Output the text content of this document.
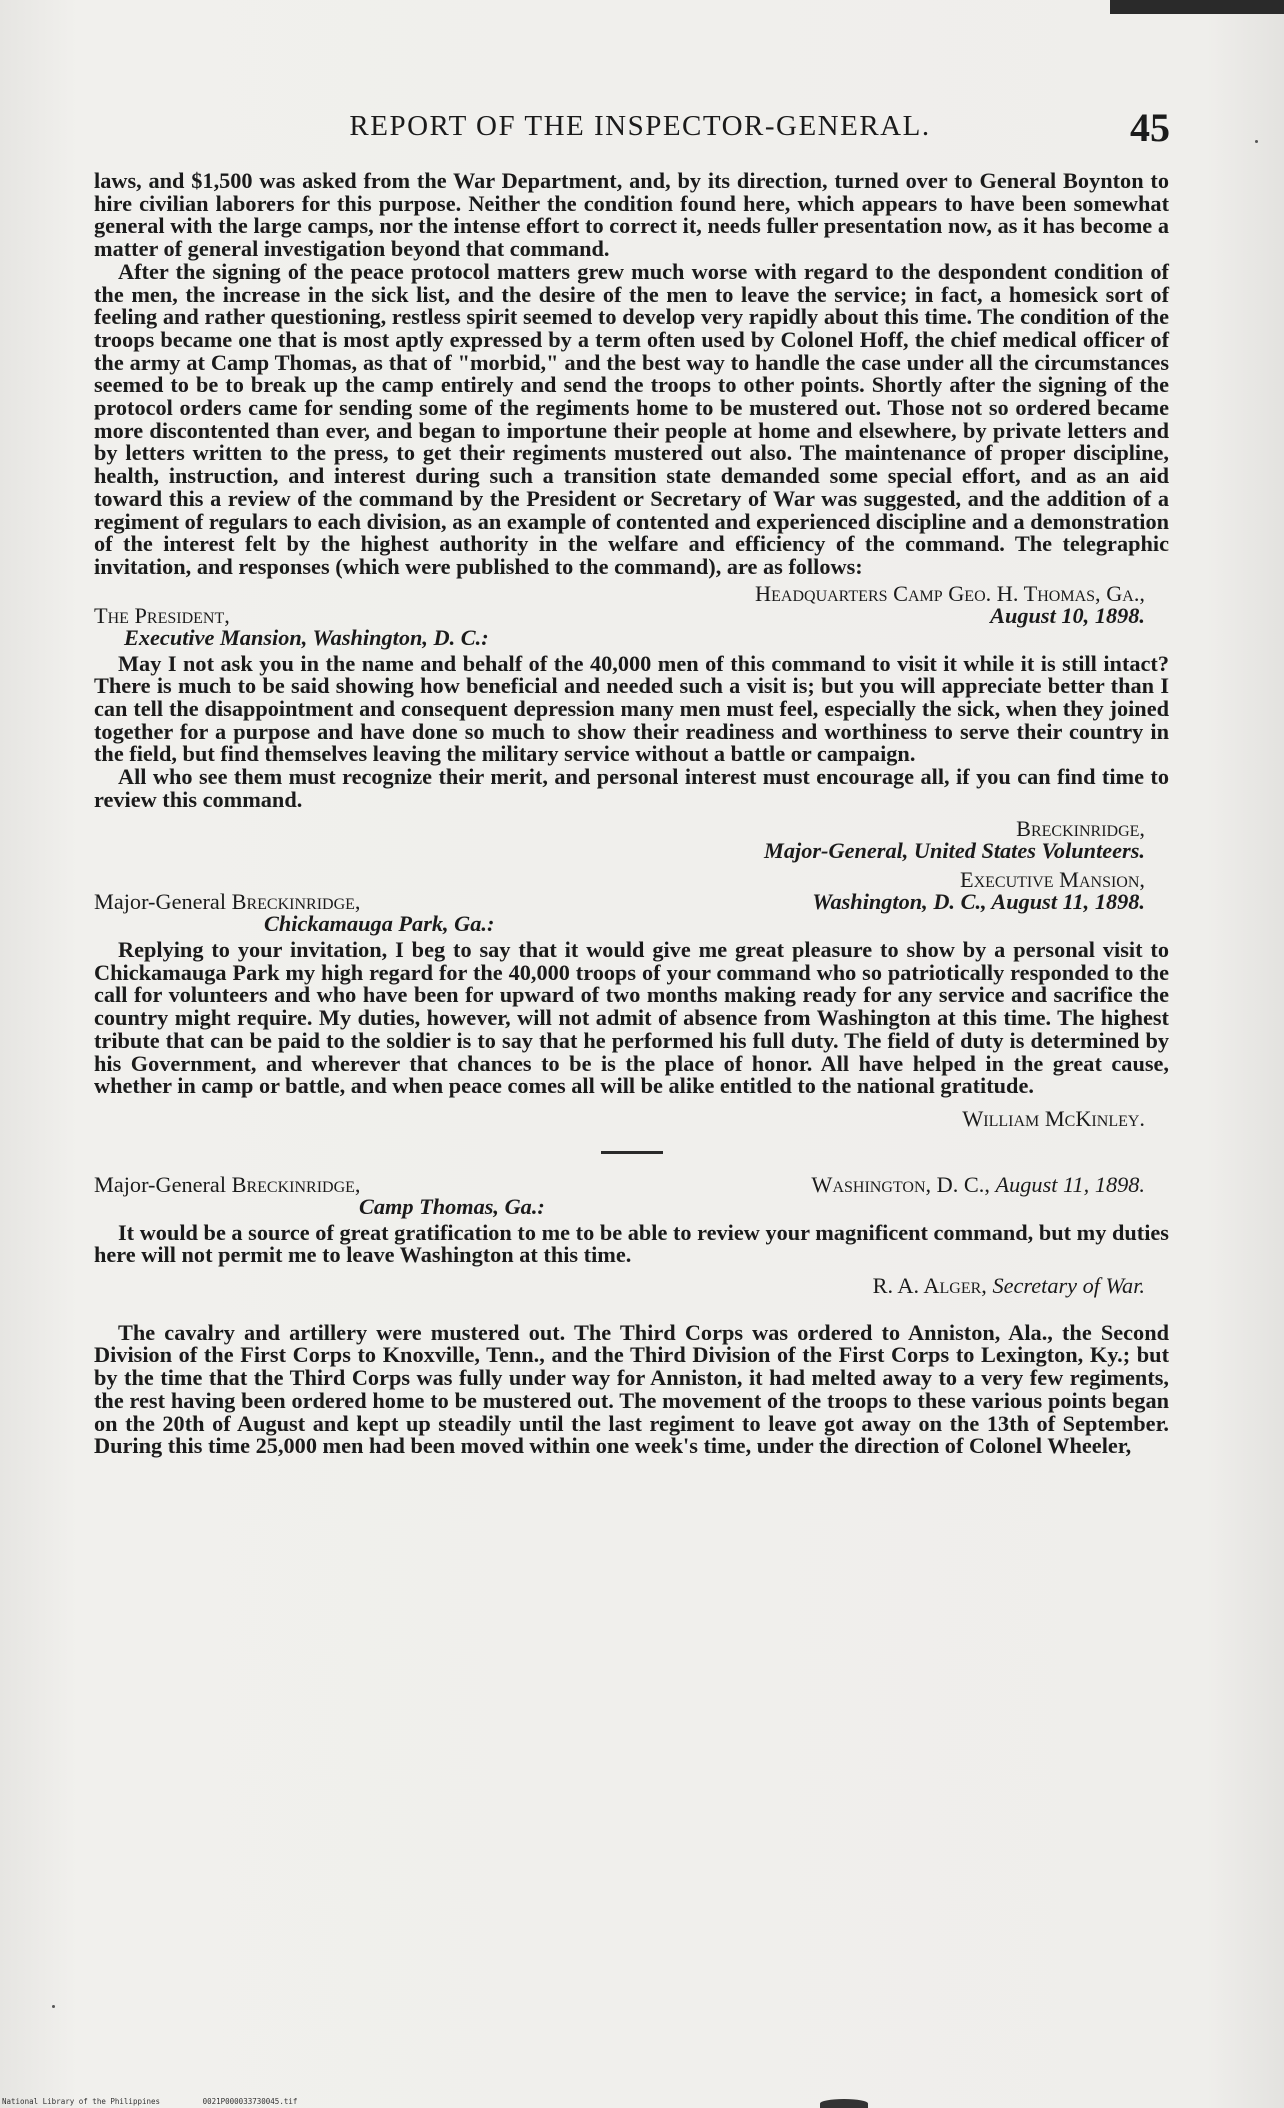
REPORT OF THE INSPECTOR-GENERAL.	45

laws, and $1,500 was asked from the War Department, and, by its direction, turned over to General Boynton to hire civilian laborers for this purpose. Neither the condition found here, which appears to have been somewhat general with the large camps, nor the intense effort to correct it, needs fuller presentation now, as it has become a matter of general investigation beyond that command.

After the signing of the peace protocol matters grew much worse with regard to the despondent condition of the men, the increase in the sick list, and the desire of the men to leave the service; in fact, a homesick sort of feeling and rather questioning, restless spirit seemed to develop very rapidly about this time. The condition of the troops became one that is most aptly expressed by a term often used by Colonel Hoff, the chief medical officer of the army at Camp Thomas, as that of "morbid," and the best way to handle the case under all the circumstances seemed to be to break up the camp entirely and send the troops to other points. Shortly after the signing of the protocol orders came for sending some of the regiments home to be mustered out. Those not so ordered became more discontented than ever, and began to importune their people at home and elsewhere, by private letters and by letters written to the press, to get their regiments mustered out also. The maintenance of proper discipline, health, instruction, and interest during such a transition state demanded some special effort, and as an aid toward this a review of the command by the President or Secretary of War was suggested, and the addition of a regiment of regulars to each division, as an example of contented and experienced discipline and a demonstration of the interest felt by the highest authority in the welfare and efficiency of the command. The telegraphic invitation, and responses (which were published to the command), are as follows:

Headquarters Camp Geo. H. Thomas, Ga.,
The President,	August 10, 1898.
Executive Mansion, Washington, D. C.:

May I not ask you in the name and behalf of the 40,000 men of this command to visit it while it is still intact? There is much to be said showing how beneficial and needed such a visit is; but you will appreciate better than I can tell the disappointment and consequent depression many men must feel, especially the sick, when they joined together for a purpose and have done so much to show their readiness and worthiness to serve their country in the field, but find themselves leaving the military service without a battle or campaign.

All who see them must recognize their merit, and personal interest must encourage all, if you can find time to review this command.

Breckinridge,
Major-General, United States Volunteers.
Executive Mansion,
Major-General Breckinridge,	Washington, D. C., August 11, 1898.
Chickamauga Park, Ga.:

Replying to your invitation, I beg to say that it would give me great pleasure to show by a personal visit to Chickamauga Park my high regard for the 40,000 troops of your command who so patriotically responded to the call for volunteers and who have been for upward of two months making ready for any service and sacrifice the country might require. My duties, however, will not admit of absence from Washington at this time. The highest tribute that can be paid to the soldier is to say that he performed his full duty. The field of duty is determined by his Government, and wherever that chances to be is the place of honor. All have helped in the great cause, whether in camp or battle, and when peace comes all will be alike entitled to the national gratitude.

William McKinley.
Major-General Breckinridge,	Washington, D. C., August 11, 1898.
Camp Thomas, Ga.:

It would be a source of great gratification to me to be able to review your magnificent command, but my duties here will not permit me to leave Washington at this time.

R. A. Alger, Secretary of War.

The cavalry and artillery were mustered out. The Third Corps was ordered to Anniston, Ala., the Second Division of the First Corps to Knoxville, Tenn., and the Third Division of the First Corps to Lexington, Ky.; but by the time that the Third Corps was fully under way for Anniston, it had melted away to a very few regiments, the rest having been ordered home to be mustered out. The movement of the troops to these various points began on the 20th of August and kept up steadily until the last regiment to leave got away on the 13th of September. During this time 25,000 men had been moved within one week's time, under the direction of Colonel Wheeler,

National Library of the Philippines	0021P000033730045.tif
